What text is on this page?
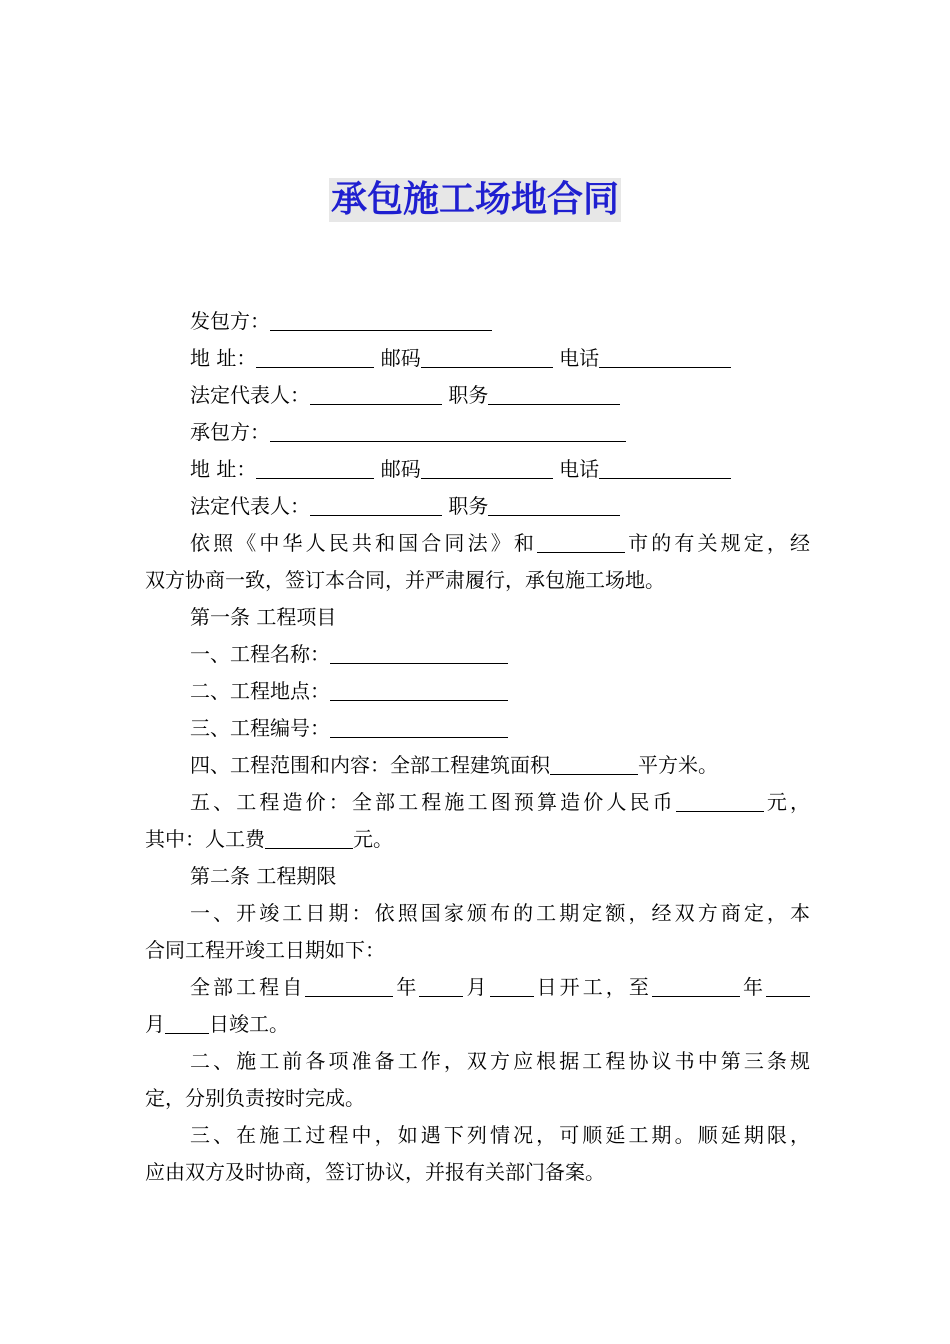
承包施工场地合同
发包方：
地 址：	邮码	电话
法定代表人：	职务
承包方：
地 址：	邮码	电话
法定代表人：	职务
依照《中华人民共和国合同法》和	市的有关规定，经
双方协商一致，签订本合同，并严肃履行，承包施工场地。
第一条 工程项目
一、工程名称：
二、工程地点：
三、工程编号：
四、工程范围和内容：全部工程建筑面积	平方米。
五、工程造价：全部工程施工图预算造价人民币	元，
其中：人工费	元。
第二条 工程期限
一、开竣工日期：依照国家颁布的工期定额，经双方商定，本
合同工程开竣工日期如下：
全部工程自	年 月 日开工，至	年
月 日竣工。
二、施工前各项准备工作，双方应根据工程协议书中第三条规
定，分别负责按时完成。
三、在施工过程中，如遇下列情况，可顺延工期。顺延期限，
应由双方及时协商，签订协议，并报有关部门备案。
